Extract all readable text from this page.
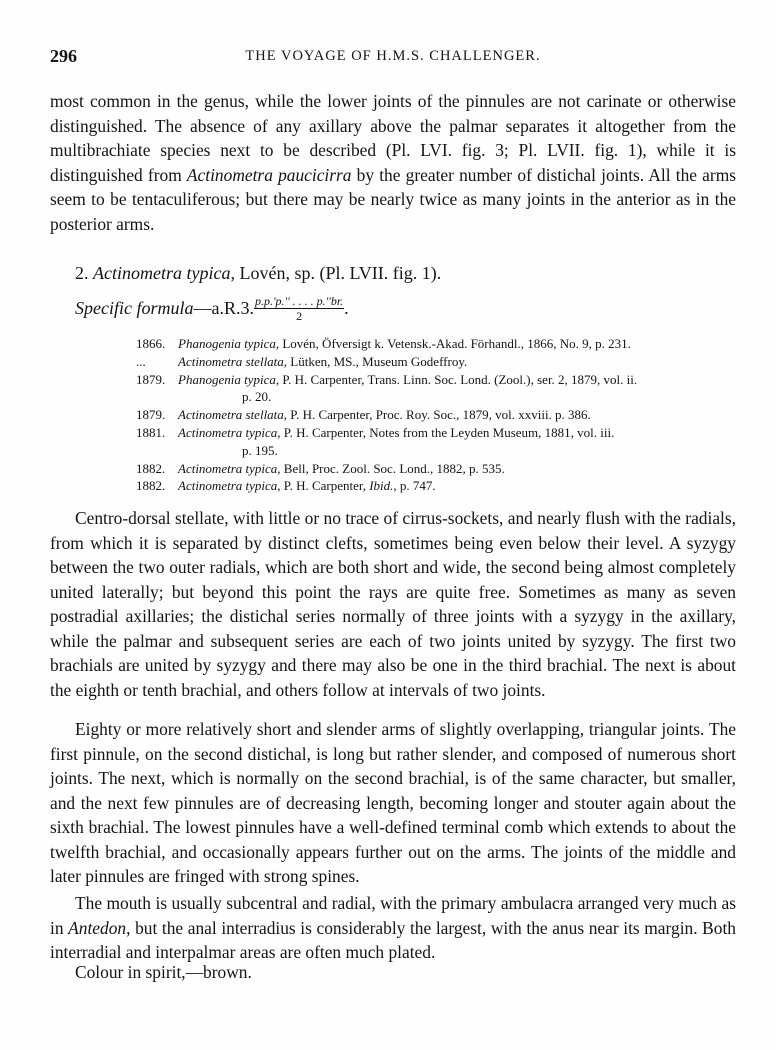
296	THE VOYAGE OF H.M.S. CHALLENGER.

most common in the genus, while the lower joints of the pinnules are not carinate or otherwise distinguished. The absence of any axillary above the palmar separates it altogether from the multibrachiate species next to be described (Pl. LVI. fig. 3; Pl. LVII. fig. 1), while it is distinguished from Actinometra paucicirra by the greater number of distichal joints. All the arms seem to be tentaculiferous; but there may be nearly twice as many joints in the anterior as in the posterior arms.

2. Actinometra typica, Lovén, sp. (Pl. LVII. fig. 1).
Specific formula—a.R.3. $\frac{p.p.'p.'' . . . . p.''br.}{2}$ .
1866. Phanogenia typica, Lovén, Öfversigt k. Vetensk.-Akad. Förhandl., 1866, No. 9, p. 231.
...	Actinometra stellata, Lütken, MS., Museum Godeffroy.
1879. Phanogenia typica, P. H. Carpenter, Trans. Linn. Soc. Lond. (Zool.), ser. 2, 1879, vol. ii.
p. 20.
1879. Actinometra stellata, P. H. Carpenter, Proc. Roy. Soc., 1879, vol. xxviii. p. 386.
1881. Actinometra typica, P. H. Carpenter, Notes from the Leyden Museum, 1881, vol. iii.
p. 195.
1882. Actinometra typica, Bell, Proc. Zool. Soc. Lond., 1882, p. 535.
1882. Actinometra typica, P. H. Carpenter, Ibid., p. 747.

Centro-dorsal stellate, with little or no trace of cirrus-sockets, and nearly flush with the radials, from which it is separated by distinct clefts, sometimes being even below their level. A syzygy between the two outer radials, which are both short and wide, the second being almost completely united laterally; but beyond this point the rays are quite free. Sometimes as many as seven postradial axillaries; the distichal series normally of three joints with a syzygy in the axillary, while the palmar and subsequent series are each of two joints united by syzygy. The first two brachials are united by syzygy and there may also be one in the third brachial. The next is about the eighth or tenth brachial, and others follow at intervals of two joints.

Eighty or more relatively short and slender arms of slightly overlapping, triangular joints. The first pinnule, on the second distichal, is long but rather slender, and composed of numerous short joints. The next, which is normally on the second brachial, is of the same character, but smaller, and the next few pinnules are of decreasing length, becoming longer and stouter again about the sixth brachial. The lowest pinnules have a well-defined terminal comb which extends to about the twelfth brachial, and occasionally appears further out on the arms. The joints of the middle and later pinnules are fringed with strong spines.

The mouth is usually subcentral and radial, with the primary ambulacra arranged very much as in Antedon, but the anal interradius is considerably the largest, with the anus near its margin. Both interradial and interpalmar areas are often much plated.

Colour in spirit,—brown.
